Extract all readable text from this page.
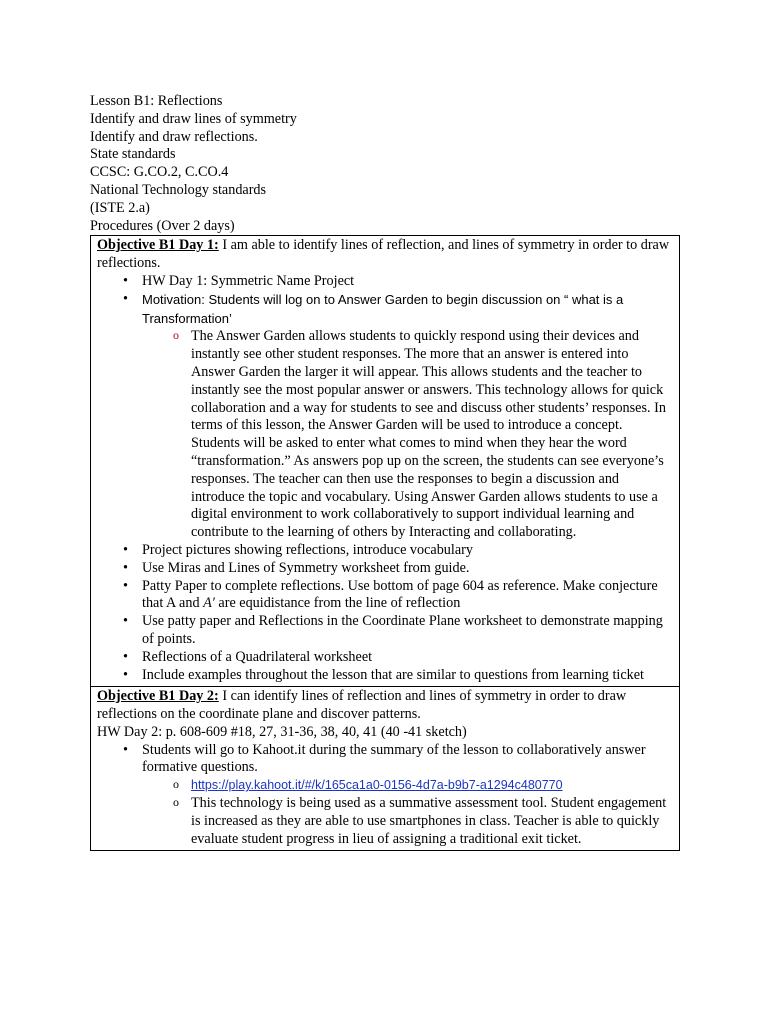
Lesson B1: Reflections
Identify and draw lines of symmetry
Identify and draw reflections.
State standards
CCSC: G.CO.2, C.CO.4
National Technology standards
(ISTE 2.a)
Procedures (Over 2 days)
Objective B1 Day 1: I am able to identify lines of reflection, and lines of symmetry in order to draw reflections.
• HW Day 1: Symmetric Name Project
• Motivation: Students will log on to Answer Garden to begin discussion on “ what is a Transformation’
o The Answer Garden allows students to quickly respond using their devices and instantly see other student responses. The more that an answer is entered into Answer Garden the larger it will appear. This allows students and the teacher to instantly see the most popular answer or answers. This technology allows for quick collaboration and a way for students to see and discuss other students’ responses. In terms of this lesson, the Answer Garden will be used to introduce a concept. Students will be asked to enter what comes to mind when they hear the word “transformation.” As answers pop up on the screen, the students can see everyone’s responses. The teacher can then use the responses to begin a discussion and introduce the topic and vocabulary. Using Answer Garden allows students to use a digital environment to work collaboratively to support individual learning and contribute to the learning of others by Interacting and collaborating.
• Project pictures showing reflections, introduce vocabulary
• Use Miras and Lines of Symmetry worksheet from guide.
• Patty Paper to complete reflections. Use bottom of page 604 as reference. Make conjecture that A and A′ are equidistance from the line of reflection
• Use patty paper and Reflections in the Coordinate Plane worksheet to demonstrate mapping of points.
• Reflections of a Quadrilateral worksheet
• Include examples throughout the lesson that are similar to questions from learning ticket
Objective B1 Day 2: I can identify lines of reflection and lines of symmetry in order to draw reflections on the coordinate plane and discover patterns.
HW Day 2: p. 608-609 #18, 27, 31-36, 38, 40, 41 (40 -41 sketch)
• Students will go to Kahoot.it during the summary of the lesson to collaboratively answer formative questions.
o https://play.kahoot.it/#/k/165ca1a0-0156-4d7a-b9b7-a1294c480770
o This technology is being used as a summative assessment tool. Student engagement is increased as they are able to use smartphones in class. Teacher is able to quickly evaluate student progress in lieu of assigning a traditional exit ticket.
